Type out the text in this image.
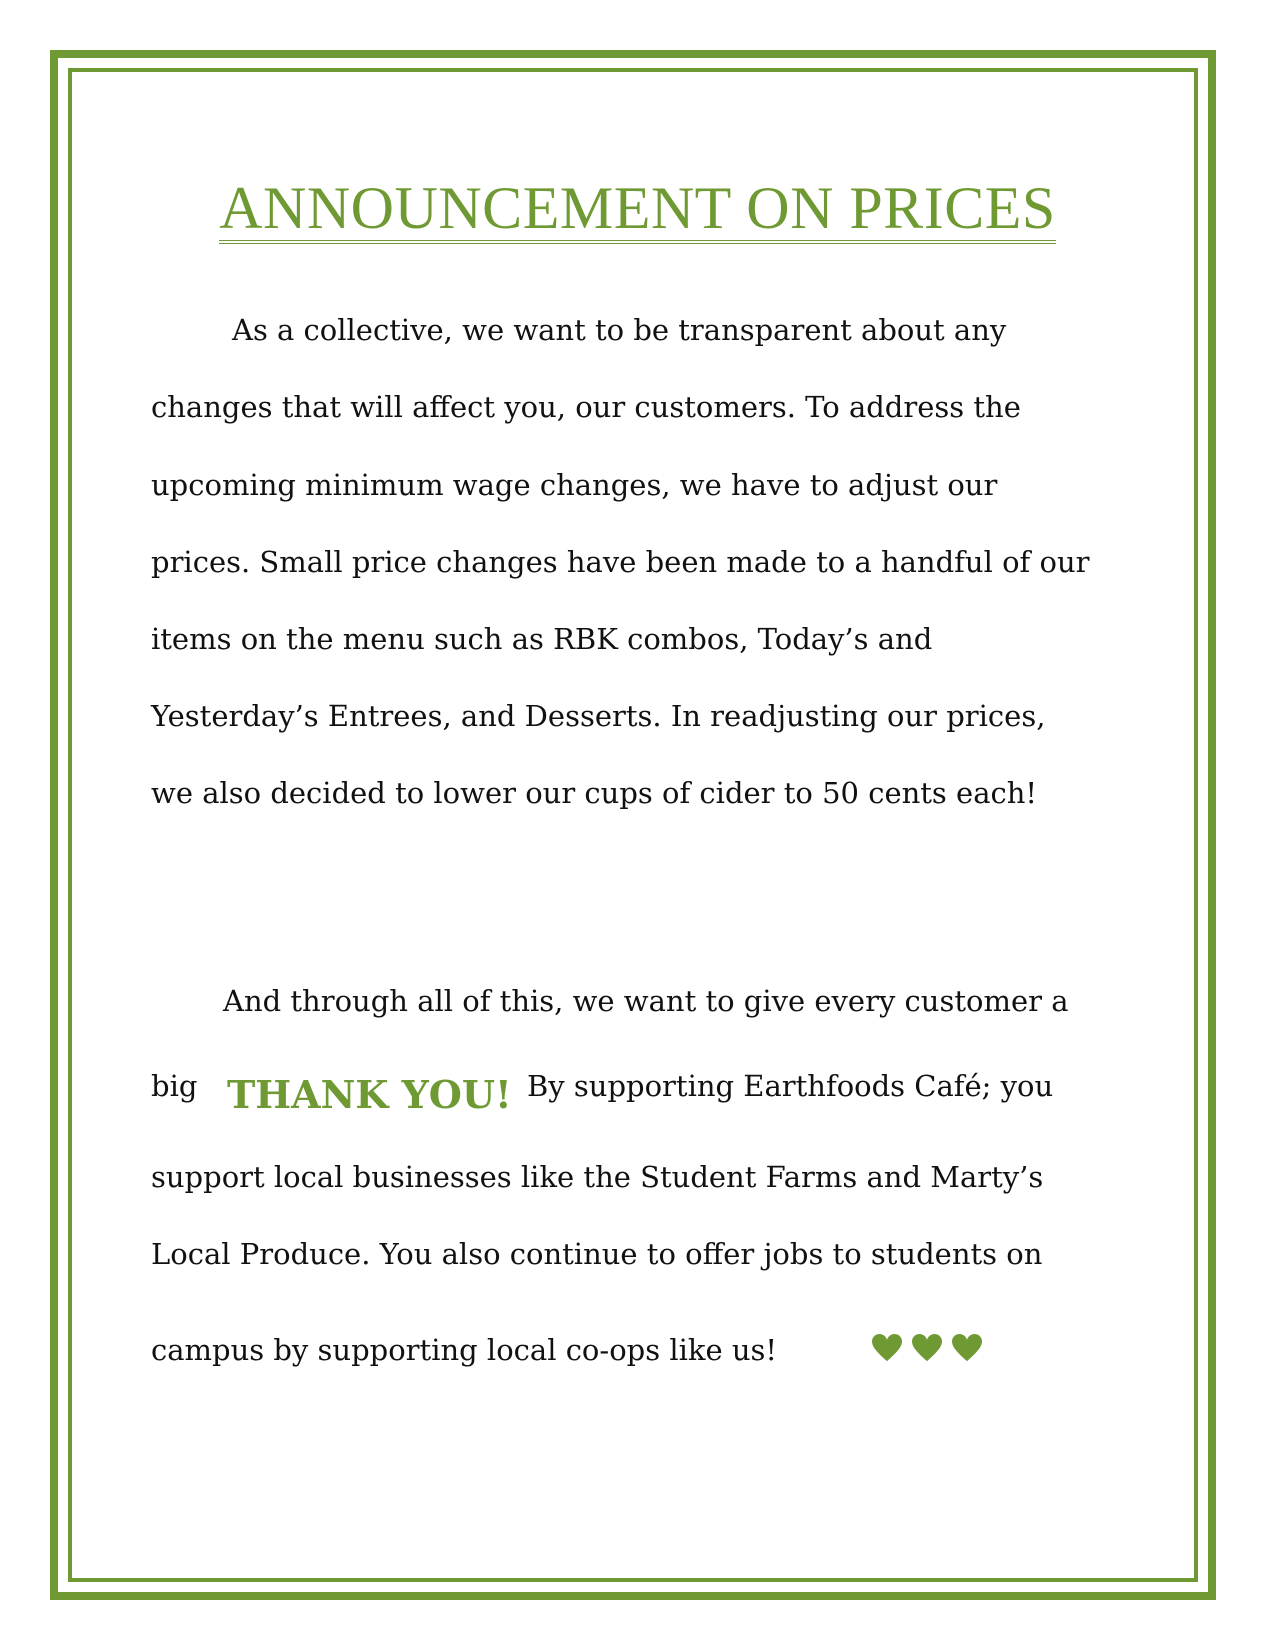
ANNOUNCEMENT ON PRICES
As a collective, we want to be transparent about any
changes that will affect you, our customers. To address the
upcoming minimum wage changes, we have to adjust our
prices. Small price changes have been made to a handful of our
items on the menu such as RBK combos, Today’s and
Yesterday’s Entrees, and Desserts. In readjusting our prices,
we also decided to lower our cups of cider to 50 cents each!
And through all of this, we want to give every customer a
big THANK YOU! By supporting Earthfoods Café; you
support local businesses like the Student Farms and Marty’s
Local Produce. You also continue to offer jobs to students on
campus by supporting local co-ops like us!
